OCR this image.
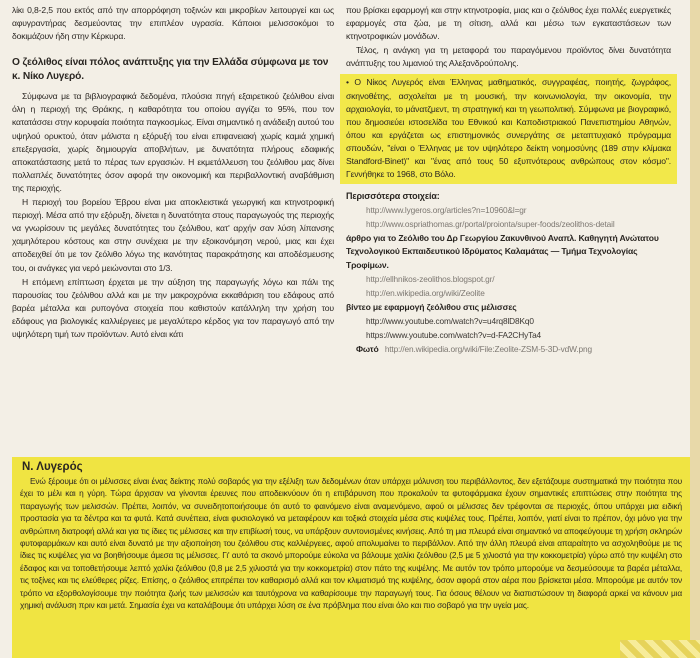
λίκι 0,8-2,5 που εκτός από την απορρόφηση τοξινών και μικροβίων λειτουργεί και ως αφυγραντήρας δεσμεύοντας την επιπλέον υγρασία. Κάποιοι μελισσοκόμοι το δοκιμάζουν ήδη στην Κέρκυρα.

Ο ζεόλιθος είναι πόλος ανάπτυξης για την Ελλάδα σύμφωνα με τον κ. Νίκο Λυγερό.

Σύμφωνα με τα βιβλιογραφικά δεδομένα, πλούσια πηγή εξαιρετικού ζεόλιθου είναι όλη η περιοχή της Θράκης, η καθαρότητα του οποίου αγγίζει το 95%, που τον κατατάσσει στην κορυφαία ποιότητα παγκοσμίως. Είναι σημαντικό η ανάδειξη αυτού του υψηλού ορυκτού, όταν μάλιστα η εξόρυξή του είναι επιφανειακή χωρίς καμιά χημική επεξεργασία, χωρίς δημιουργία αποβλήτων, με δυνατότητα πλήρους εδαφικής αποκατάστασης μετά το πέρας των εργασιών. Η εκμετάλλευση του ζεόλιθου μας δίνει πολλαπλές δυνατότητες όσον αφορά την οικονομική και περιβαλλοντική αναβάθμιση της περιοχής.

Η περιοχή του βορείου Έβρου είναι μια αποκλειστικά γεωργική και κτηνοτροφική περιοχή. Μέσα από την εξόρυξη, δίνεται η δυνατότητα στους παραγωγούς της περιοχής να γνωρίσουν τις μεγάλες δυνατότητες του ζεόλιθου, κατ' αρχήν σαν λύση λίπανσης χαμηλότερου κόστους και στην συνέχεια με την εξοικονόμηση νερού, μιας και έχει αποδειχθεί ότι με τον ζεόλιθο λόγω της ικανότητας παρακράτησης και αποδέσμευσης του, οι ανάγκες για νερό μειώνονται στο 1/3.

Η επόμενη επίπτωση έρχεται με την αύξηση της παραγωγής λόγω και πάλι της παρουσίας του ζεόλιθου αλλά και με την μακροχρόνια εκκαθάριση του εδάφους από βαρέα μέταλλα και ρυπογόνα στοιχεία που καθιστούν κατάλληλη την χρήση του εδάφους για βιολογικές καλλιέργειες με μεγαλύτερο κέρδος για τον παραγωγό από την υψηλότερη τιμή των προϊόντων. Αυτό είναι κάτι

που βρίσκει εφαρμογή και στην κτηνοτροφία, μιας και ο ζεόλιθος έχει πολλές ευεργετικές εφαρμογές στα ζώα, με τη σίτιση, αλλά και μέσω των εγκαταστάσεων των κτηνοτροφικών μονάδων.

Τέλος, η ανάγκη για τη μεταφορά του παραγόμενου προϊόντος δίνει δυνατότητα ανάπτυξης του λιμανιού της Αλεξανδρούπολης.

• Ο Νίκος Λυγερός είναι Έλληνας μαθηματικός, συγγραφέας, ποιητής, ζωγράφος, σκηνοθέτης, ασχολείται με τη μουσική, την κοινωνιολογία, την οικονομία, την αρχαιολογία, το μάνατζμεντ, τη στρατηγική και τη γεωπολιτική. Σύμφωνα με βιογραφικό, που δημοσιεύει ιστοσελίδα του Εθνικού και Καποδιστριακού Πανεπιστημίου Αθηνών, όπου και εργάζεται ως επιστημονικός συνεργάτης σε μεταπτυχιακό πρόγραμμα σπουδών, "είναι ο Έλληνας με τον υψηλότερο δείκτη νοημοσύνης (189 στην κλίμακα Standford-Binet)" και "ένας από τους 50 εξυπνότερους ανθρώπους στον κόσμο". Γεννήθηκε το 1968, στο Βόλο.

Περισσότερα στοιχεία:

http://www.lygeros.org/articles?n=10960&l=gr

http://www.ospriathomas.gr/portal/proionta/super-foods/zeolithos-detail

άρθρο για το Ζεόλιθο του Δρ Γεωργίου Ζακυνθινού Αναπλ. Καθηγητή Ανώτατου Τεχνολογικού Εκπαιδευτικού Ιδρύματος Καλαμάτας — Τμήμα Τεχνολογίας Τροφίμων.

http://ellhnikos-zeolithos.blogspot.gr/

http://en.wikipedia.org/wiki/Zeolite

βίντεο με εφαρμογή ζεόλιθου στις μέλισσες

http://www.youtube.com/watch?v=u4rq8lD8Kq0

https://www.youtube.com/watch?v=d-FA2CHyTa4

Φωτό http://en.wikipedia.org/wiki/File:Zeolite-ZSM-5-3D-vdW.png

Ν. Λυγερός

Ενώ ξέρουμε ότι οι μέλισσες είναι ένας δείκτης πολύ σοβαρός για την εξέλιξη των δεδομένων όταν υπάρχει μόλυνση του περιβάλλοντος, δεν εξετάζουμε συστηματικά την ποιότητα που έχει το μέλι και η γύρη. Τώρα άρχισαν να γίνονται έρευνες που αποδεικνύουν ότι η επιβάρυνση που προκαλούν τα φυτοφάρμακα έχουν σημαντικές επιπτώσεις στην ποιότητα της παραγωγής των μελισσών. Πρέπει, λοιπόν, να συνειδητοποιήσουμε ότι αυτό το φαινόμενο είναι αναμενόμενο, αφού οι μέλισσες δεν τρέφονται σε περιοχές, όπου υπάρχει μια ειδική προστασία για τα δέντρα και τα φυτά. Κατά συνέπεια, είναι φυσιολογικό να μεταφέρουν και τοξικά στοιχεία μέσα στις κυψέλες τους. Πρέπει, λοιπόν, γιατί είναι το πρέπον, όχι μόνο για την ανθρώπινη διατροφή αλλά και για τις ίδιες τις μέλισσες και την επιβίωσή τους, να υπάρξουν συντονισμένες κινήσεις. Από τη μια πλευρά είναι σημαντικό να αποφεύγουμε τη χρήση σκληρών φυτοφαρμάκων και αυτό είναι δυνατό με την αξιοποίηση του ζεόλιθου στις καλλιέργειες, αφού απολυμαίνει το περιβάλλον. Από την άλλη πλευρά είναι απαραίτητο να ασχοληθούμε με τις ίδιες τις κυψέλες για να βοηθήσουμε άμεσα τις μέλισσες. Γι' αυτό τα σκονό μπορούμε εύκολα να βάλουμε χαλίκι ζεόλιθου (2,5 με 5 χιλιοστά για την κοκκομετρία) γύρω από την κυψέλη στο έδαφος και να τοποθετήσουμε λεπτό χαλίκι ζεόλιθου (0,8 με 2,5 χιλιοστά για την κοκκομετρία) στον πάτο της κυψέλης. Με αυτόν τον τρόπο μπορούμε να δεσμεύσουμε τα βαρέα μέταλλα, τις τοξίνες και τις ελεύθερες ρίζες. Επίσης, ο ζεόλιθος επιτρέπει τον καθαρισμό αλλά και τον κλιματισμό της κυψέλης, όσον αφορά στον αέρα που βρίσκεται μέσα. Μπορούμε με αυτόν τον τρόπο να εξορθολογίσουμε την ποιότητα ζωής των μελισσών και ταυτόχρονα να καθαρίσουμε την παραγωγή τους. Για όσους θέλουν να διαπιστώσουν τη διαφορά αρκεί να κάνουν μια χημική ανάλυση πριν και μετά. Σημασία έχει να καταλάβουμε ότι υπάρχει λύση σε ένα πρόβλημα που είναι όλο και πιο σοβαρό για την υγεία μας.
